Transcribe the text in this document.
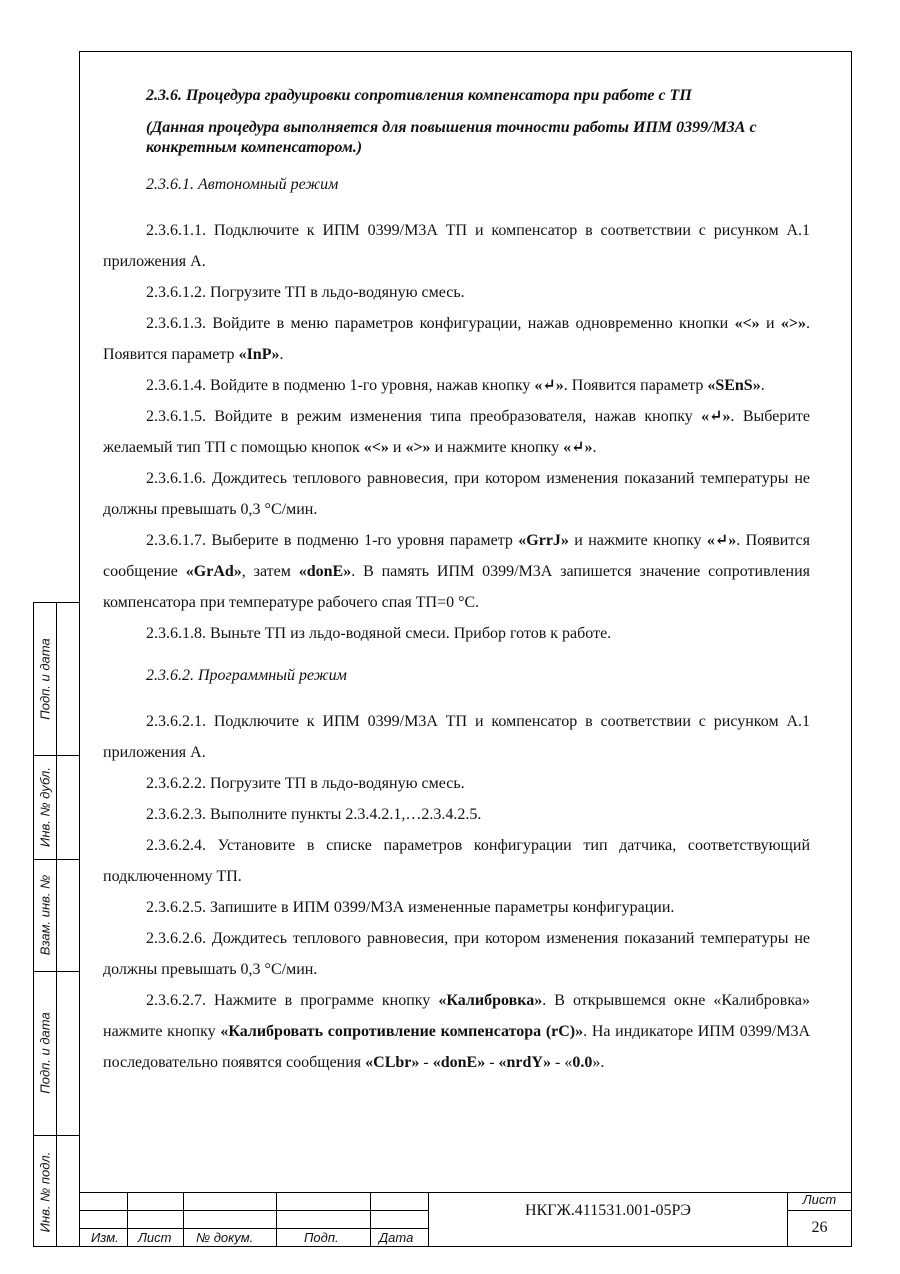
2.3.6. Процедура градуировки сопротивления компенсатора при работе с ТП

(Данная процедура выполняется для повышения точности работы ИПМ 0399/М3А с конкретным компенсатором.)

2.3.6.1. Автономный режим

2.3.6.1.1. Подключите к ИПМ 0399/М3А ТП и компенсатор в соответствии с рисунком А.1 приложения А.

2.3.6.1.2. Погрузите ТП в льдо-водяную смесь.

2.3.6.1.3. Войдите в меню параметров конфигурации, нажав одновременно кнопки «<» и «>». Появится параметр «InP».

2.3.6.1.4. Войдите в подменю 1-го уровня, нажав кнопку «↵». Появится параметр «SEnS».

2.3.6.1.5. Войдите в режим изменения типа преобразователя, нажав кнопку «↵». Выберите желаемый тип ТП с помощью кнопок «<» и «>» и нажмите кнопку «↵».

2.3.6.1.6. Дождитесь теплового равновесия, при котором изменения показаний температуры не должны превышать 0,3 °С/мин.

2.3.6.1.7. Выберите в подменю 1-го уровня параметр «GrrJ» и нажмите кнопку «↵». Появится сообщение «GrAd», затем «donE». В память ИПМ 0399/М3А запишется значение сопротивления компенсатора при температуре рабочего спая ТП=0 °С.

2.3.6.1.8. Выньте ТП из льдо-водяной смеси. Прибор готов к работе.

2.3.6.2. Программный режим

2.3.6.2.1. Подключите к ИПМ 0399/М3А ТП и компенсатор в соответствии с рисунком А.1 приложения А.

2.3.6.2.2. Погрузите ТП в льдо-водяную смесь.

2.3.6.2.3. Выполните пункты 2.3.4.2.1,…2.3.4.2.5.

2.3.6.2.4. Установите в списке параметров конфигурации тип датчика, соответствующий подключенному ТП.

2.3.6.2.5. Запишите в ИПМ 0399/М3А измененные параметры конфигурации.

2.3.6.2.6. Дождитесь теплового равновесия, при котором изменения показаний температуры не должны превышать 0,3 °С/мин.

2.3.6.2.7. Нажмите в программе кнопку «Калибровка». В открывшемся окне «Калибровка» нажмите кнопку «Калибровать сопротивление компенсатора (rC)». На индикаторе ИПМ 0399/М3А последовательно появятся сообщения «CLbr» - «donE» - «nrdY» - «0.0».

Подп. и дата
Инв. № дубл.
Взам. инв. №
Подп. и дата
Инв. № подл.
Изм. Лист № докум.	Подп.	Дата
НКГЖ.411531.001-05РЭ
Лист
26
